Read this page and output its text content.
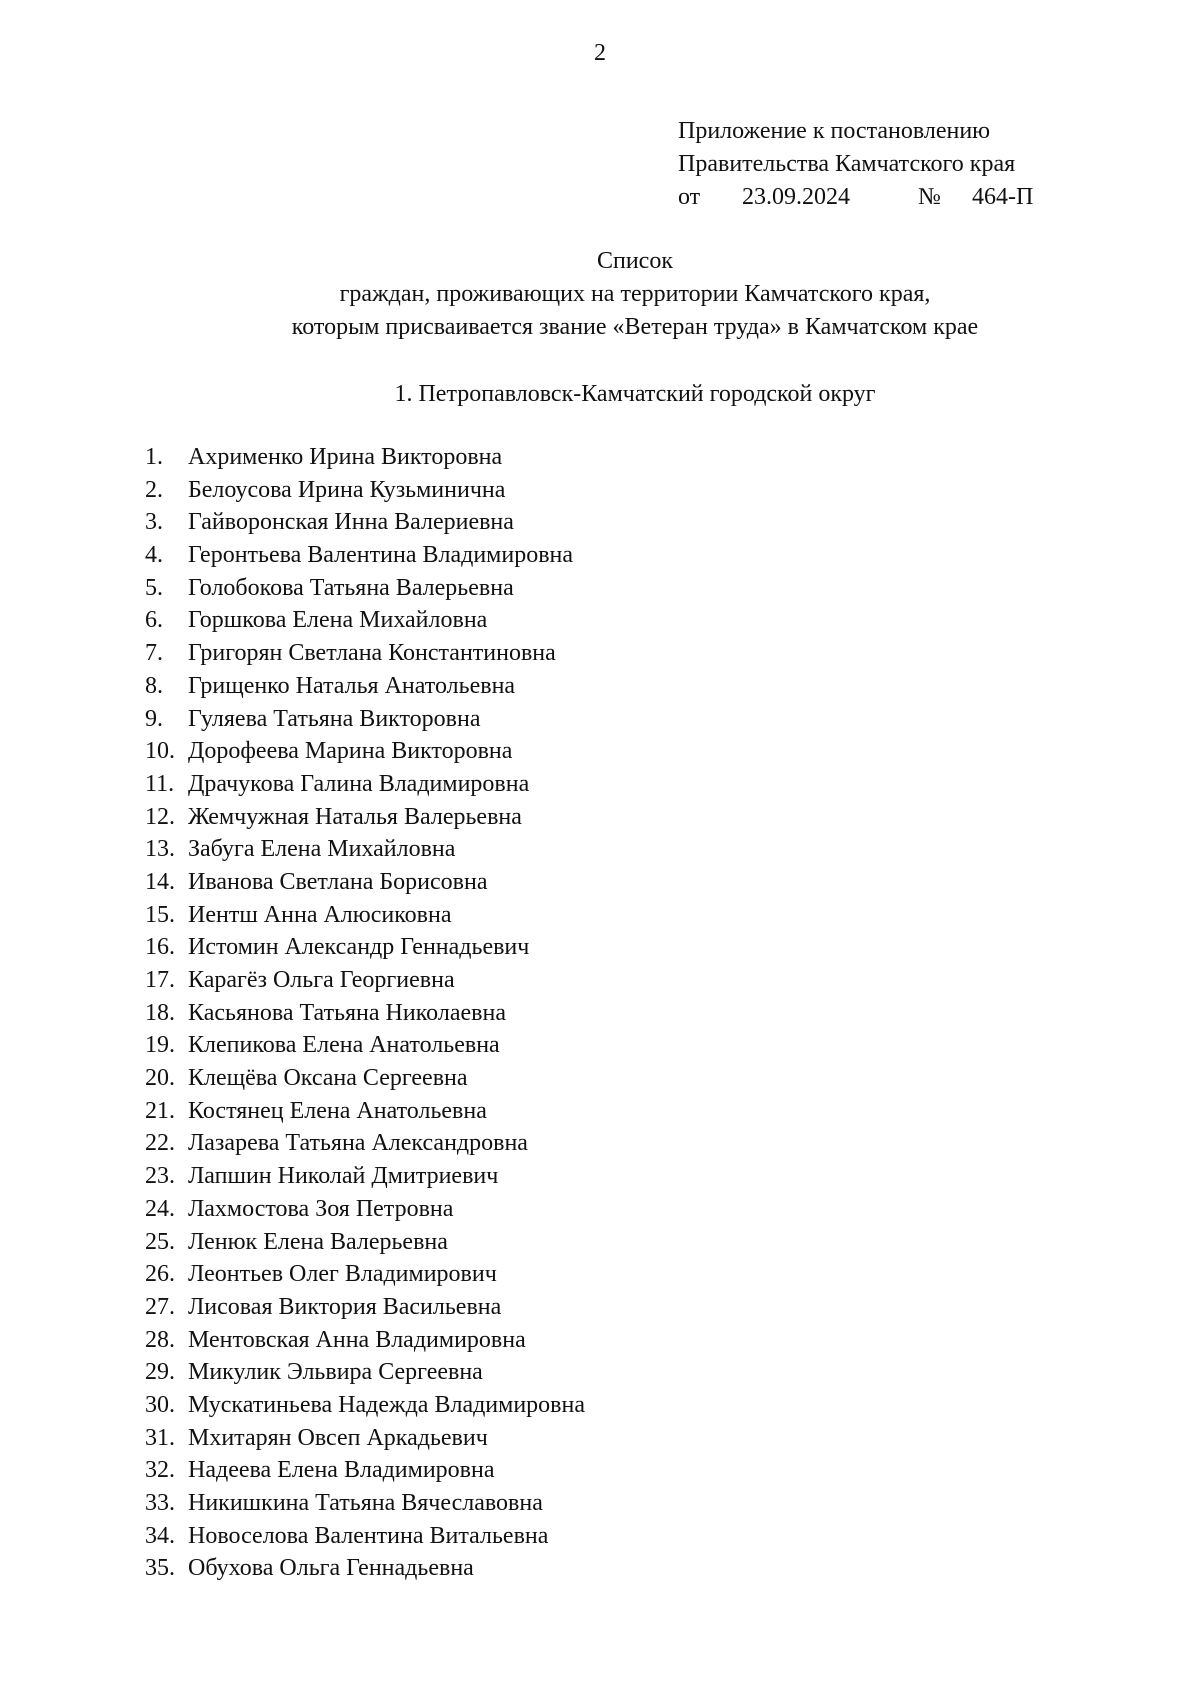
2
Приложение к постановлению
Правительства Камчатского края
от 23.09.2024	№ 464-П
Список
граждан, проживающих на территории Камчатского края,
которым присваивается звание «Ветеран труда» в Камчатском крае
1. Петропавловск-Камчатский городской округ
1. Ахрименко Ирина Викторовна
2. Белоусова Ирина Кузьминична
3. Гайворонская Инна Валериевна
4. Геронтьева Валентина Владимировна
5. Голобокова Татьяна Валерьевна
6. Горшкова Елена Михайловна
7. Григорян Светлана Константиновна
8. Грищенко Наталья Анатольевна
9. Гуляева Татьяна Викторовна
10. Дорофеева Марина Викторовна
11. Драчукова Галина Владимировна
12. Жемчужная Наталья Валерьевна
13. Забуга Елена Михайловна
14. Иванова Светлана Борисовна
15. Иентш Анна Алюсиковна
16. Истомин Александр Геннадьевич
17. Карагёз Ольга Георгиевна
18. Касьянова Татьяна Николаевна
19. Клепикова Елена Анатольевна
20. Клещёва Оксана Сергеевна
21. Костянец Елена Анатольевна
22. Лазарева Татьяна Александровна
23. Лапшин Николай Дмитриевич
24. Лахмостова Зоя Петровна
25. Ленюк Елена Валерьевна
26. Леонтьев Олег Владимирович
27. Лисовая Виктория Васильевна
28. Ментовская Анна Владимировна
29. Микулик Эльвира Сергеевна
30. Мускатиньева Надежда Владимировна
31. Мхитарян Овсеп Аркадьевич
32. Надеева Елена Владимировна
33. Никишкина Татьяна Вячеславовна
34. Новоселова Валентина Витальевна
35. Обухова Ольга Геннадьевна
